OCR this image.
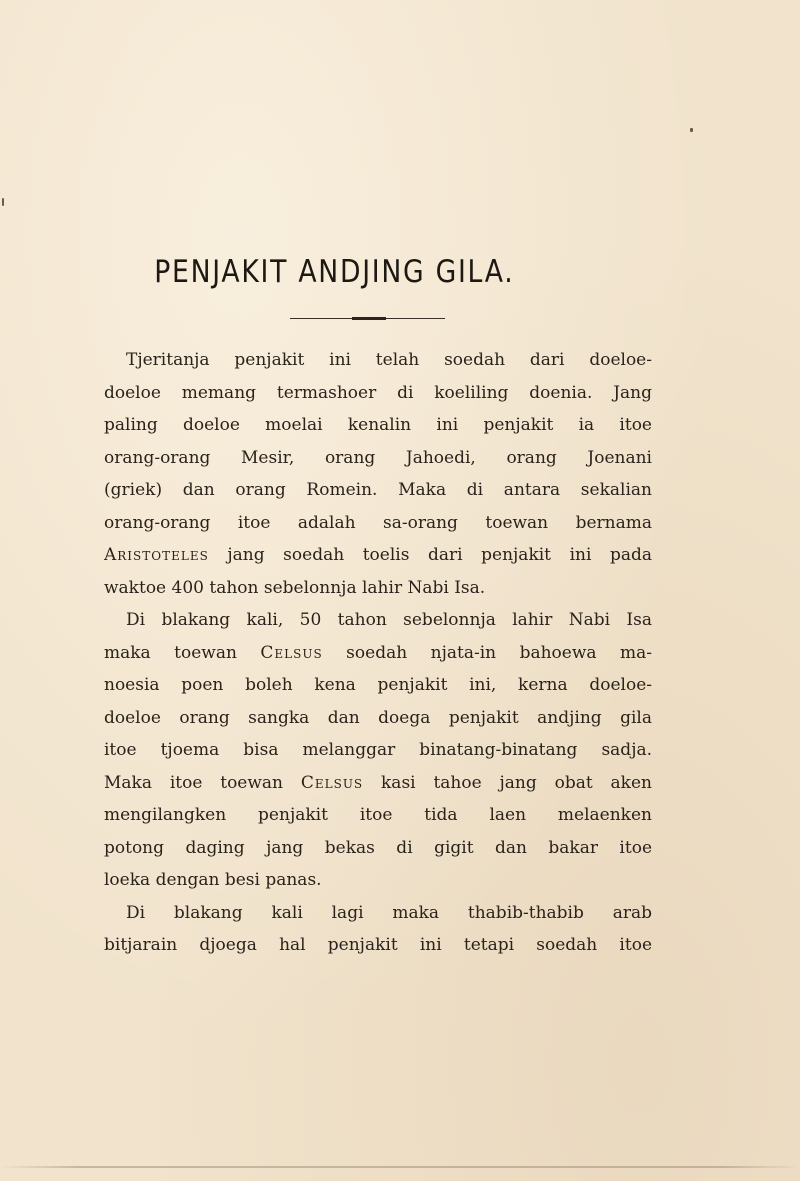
PENJAKIT ANDJING GILA.
Tjeritanja penjakit ini telah soedah dari doeloe-
doeloe memang termashoer di koeliling doenia. Jang
paling doeloe moelai kenalin ini penjakit ia itoe
orang-orang Mesir, orang Jahoedi, orang Joenani
(griek) dan orang Romein. Maka di antara sekalian
orang-orang itoe adalah sa-orang toewan bernama
Aristoteles jang soedah toelis dari penjakit ini pada
waktoe 400 tahon sebelonnja lahir Nabi Isa.
Di blakang kali, 50 tahon sebelonnja lahir Nabi Isa
maka toewan Celsus soedah njata-in bahoewa ma-
noesia poen boleh kena penjakit ini, kerna doeloe-
doeloe orang sangka dan doega penjakit andjing gila
itoe tjoema bisa melanggar binatang-binatang sadja.
Maka itoe toewan Celsus kasi tahoe jang obat aken
mengilangken penjakit itoe tida laen melaenken
potong daging jang bekas di gigit dan bakar itoe
loeka dengan besi panas.
Di blakang kali lagi maka thabib-thabib arab
bitjarain djoega hal penjakit ini tetapi soedah itoe
